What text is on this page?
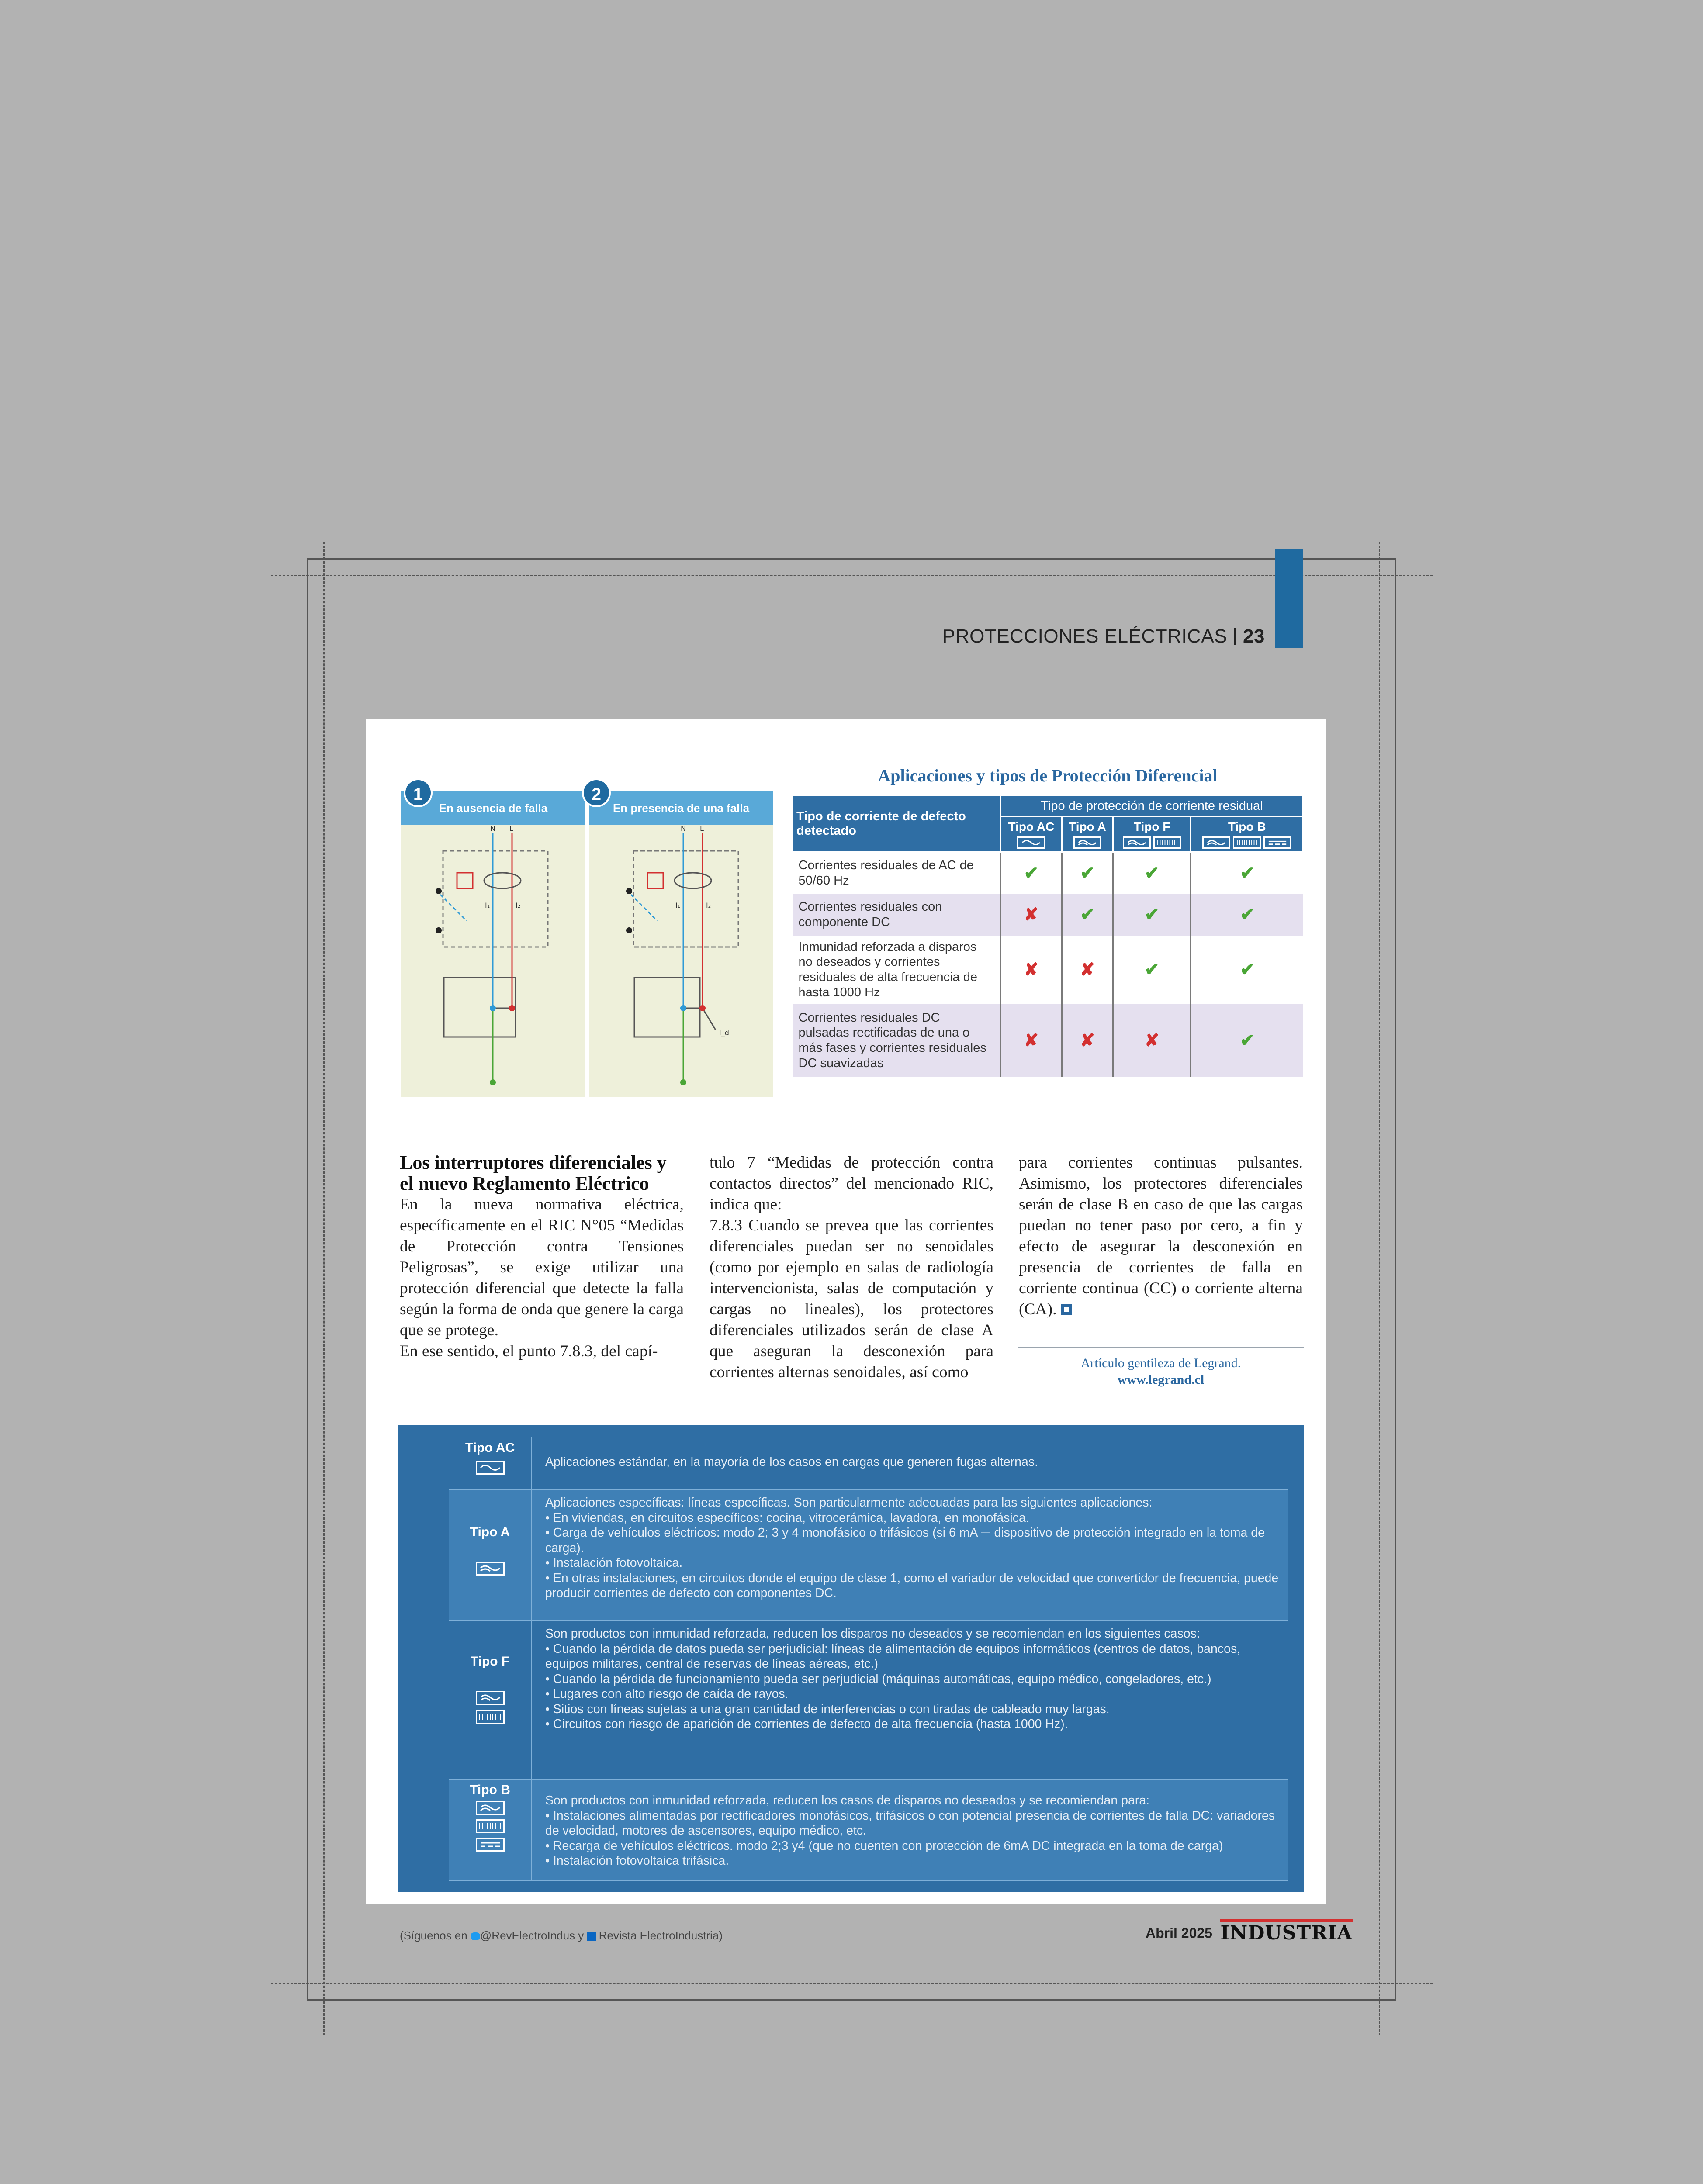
PROTECCIONES ELÉCTRICAS 23
En ausencia de falla	En presencia de una falla
1	2
N L	N L
I₁	I₂	I₁	I₂
I_d
Aplicaciones y tipos de Protección Diferencial
Tipo de corriente de defecto detectado	Tipo de protección de corriente residual			
	Tipo AC	Tipo A	Tipo F	Tipo B

Corrientes residuales de AC de 50/60 Hz	✔	✔	✔	✔
Corrientes residuales con componente DC	✘	✔	✔	✔
Inmunidad reforzada a disparos no deseados y corrientes residuales de alta frecuencia de hasta 1000 Hz	✘	✘	✔	✔
Corrientes residuales DC pulsadas rectificadas de una o más fases y corrientes residuales DC suavizadas	✘	✘	✘	✔
Los interruptores diferenciales y el nuevo Reglamento Eléctrico

En la nueva normativa eléctrica, específicamente en el RIC N°05 “Medidas de Protección contra Tensiones Peligrosas”, se exige utilizar una protección diferencial que detecte la falla según la forma de onda que genere la carga que se protege.

En ese sentido, el punto 7.8.3, del capí-

tulo 7 “Medidas de protección contra contactos directos” del mencionado RIC, indica que:

7.8.3 Cuando se prevea que las corrientes diferenciales puedan ser no senoidales (como por ejemplo en salas de radiología intervencionista, salas de computación y cargas no lineales), los protectores diferenciales utilizados serán de clase A que aseguran la desconexión para corrientes alternas senoidales, así como

para corrientes continuas pulsantes. Asimismo, los protectores diferenciales serán de clase B en caso de que las cargas puedan no tener paso por cero, a fin y efecto de asegurar la desconexión en presencia de corrientes de falla en corriente continua (CC) o corriente alterna (CA).

Artículo gentileza de Legrand.
www.legrand.cl
Tipo AC
Aplicaciones estándar, en la mayoría de los casos en cargas que generen fugas alternas.
Tipo A
Aplicaciones específicas: líneas específicas. Son particularmente adecuadas para las siguientes aplicaciones:
• En viviendas, en circuitos específicos: cocina, vitrocerámica, lavadora, en monofásica.
• Carga de vehículos eléctricos: modo 2; 3 y 4 monofásico o trifásicos (si 6 mA ⎓ dispositivo de protección integrado en la toma de carga).
• Instalación fotovoltaica.
• En otras instalaciones, en circuitos donde el equipo de clase 1, como el variador de velocidad que convertidor de frecuencia, puede producir corrientes de defecto con componentes DC.
Tipo F
Son productos con inmunidad reforzada, reducen los disparos no deseados y se recomiendan en los siguientes casos:
• Cuando la pérdida de datos pueda ser perjudicial: líneas de alimentación de equipos informáticos (centros de datos, bancos, equipos militares, central de reservas de líneas aéreas, etc.)
• Cuando la pérdida de funcionamiento pueda ser perjudicial (máquinas automáticas, equipo médico, congeladores, etc.)
• Lugares con alto riesgo de caída de rayos.
• Sitios con líneas sujetas a una gran cantidad de interferencias o con tiradas de cableado muy largas.
• Circuitos con riesgo de aparición de corrientes de defecto de alta frecuencia (hasta 1000 Hz).
Tipo B
Son productos con inmunidad reforzada, reducen los casos de disparos no deseados y se recomiendan para:
• Instalaciones alimentadas por rectificadores monofásicos, trifásicos o con potencial presencia de corrientes de falla DC: variadores de velocidad, motores de ascensores, equipo médico, etc.
• Recarga de vehículos eléctricos. modo 2;3 y4 (que no cuenten con protección de 6mA DC integrada en la toma de carga)
• Instalación fotovoltaica trifásica.
(Síguenos en @RevElectroIndus y Revista ElectroIndustria)	Abril 2025 INDUSTRIA
